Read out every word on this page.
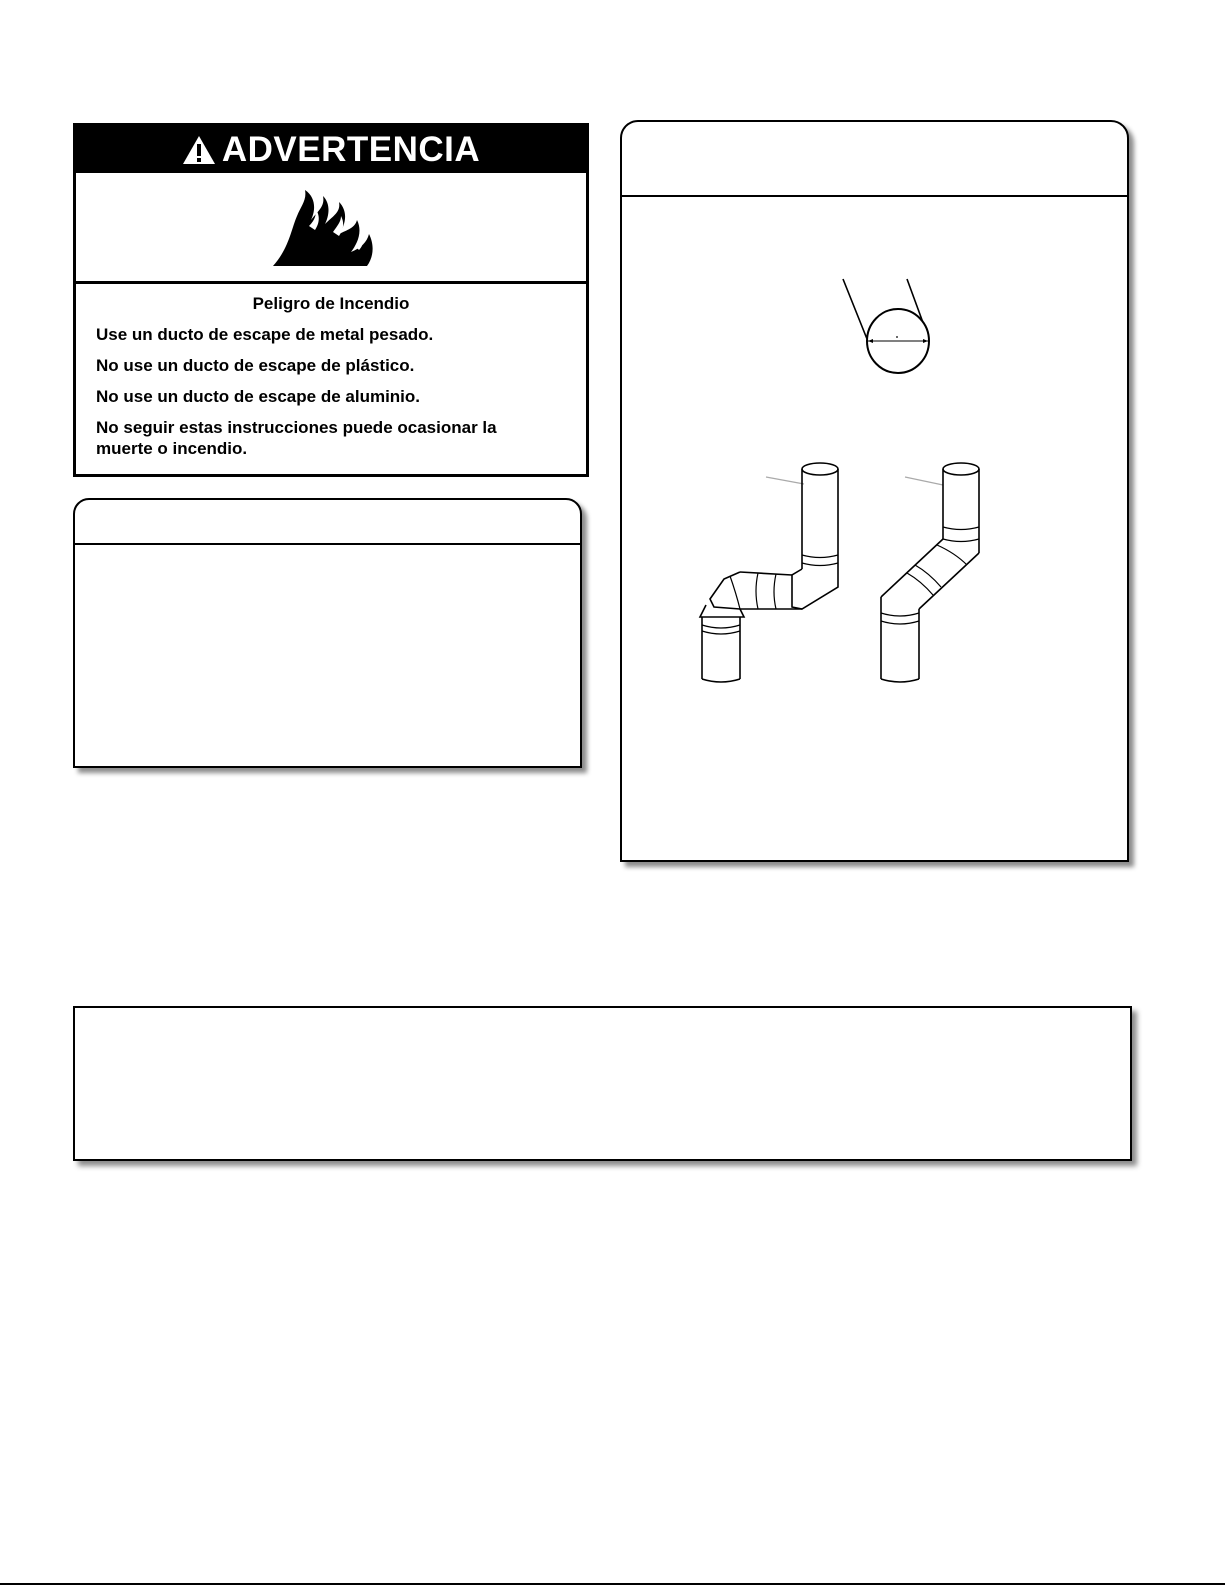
ADVERTENCIA

Peligro de Incendio

Use un ducto de escape de metal pesado.

No use un ducto de escape de plástico.

No use un ducto de escape de aluminio.

No seguir estas instrucciones puede ocasionar la muerte o incendio.
